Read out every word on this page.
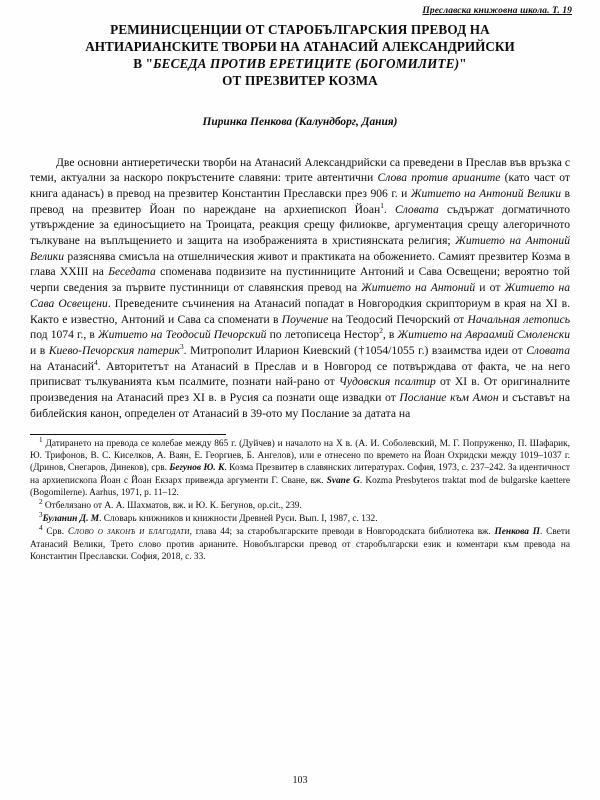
Преславска книжовна школа. Т. 19
РЕМИНИСЦЕНЦИИ ОТ СТАРОБЪЛГАРСКИЯ ПРЕВОД НА
АНТИАРИАНСКИТЕ ТВОРБИ НА АТАНАСИЙ АЛЕКСАНДРИЙСКИ
В "БЕСЕДА ПРОТИВ ЕРЕТИЦИТЕ (БОГОМИЛИТЕ)"
ОТ ПРЕЗВИТЕР КОЗМА
Пиринка Пенкова (Калундборг, Дания)

Две основни антиеретически творби на Атанасий Александрийски са преведени в Преслав във връзка с теми, актуални за наскоро покръстените славяни: трите автентични Слова против арианите (като част от книга аданасъ) в превод на презвитер Константин Преславски през 906 г. и Житието на Антоний Велики в превод на презвитер Йоан по нареждане на архиепископ Йоан$^1$. Словата съдържат догматичното утвърждение за единосъщието на Троицата, реакция срещу филиокве, аргументация срещу алегоричното тълкуване на въплъщението и защита на изображенията в християнската религия; Житието на Антоний Велики разяснява смисъла на отшелническия живот и практиката на обожението. Самият презвитер Козма в глава XXIII на Беседата споменава подвизите на пустинниците Антоний и Сава Освещени; вероятно той черпи сведения за първите пустинници от славянския превод на Житието на Антоний и от Житието на Сава Освещени. Преведените съчинения на Атанасий попадат в Новгородкия скрипториум в края на XI в. Както е известно, Антоний и Сава са споменати в Поучение на Теодосий Печорский от Начальная летопись под 1074 г., в Житието на Теодосий Печорский по летописеца Нестор$^2$, в Житието на Авраамий Смоленски и в Киево-Печорския патерик$^3$. Митрополит Иларион Киевский (†1054/1055 г.) взаимства идеи от Словата на Атанасий$^4$. Авторитетът на Атанасий в Преслав и в Новгород се потвърждава от факта, че на него приписват тълкуванията към псалмите, познати най-рано от Чудовския псалтир от XI в. От оригиналните произведения на Атанасий през XI в. в Русия са познати още извадки от Послание към Амон и съставът на библейския канон, определен от Атанасий в 39-ото му Послание за датата на

$^1$ Датирането на превода се колебае между 865 г. (Дуйчев) и началото на X в. (А. И. Соболевский, М. Г. Попруженко, П. Шафарик, Ю. Трифонов, В. С. Киселков, А. Вaян, Е. Георгиев, Б. Ангелов), или е отнесено по времето на Йоан Охридски между 1019–1037 г. (Дринов, Снегаров, Динеков), срв. Бегунов Ю. К. Козма Презвитер в славянских литературах. София, 1973, с. 237–242. За идентичност на архиепископа Йоан с Йоан Екзарх привежда аргументи Г. Сване, вж. Svane G. Kozma Presbyteros traktat mod de bulgarske kaettere (Bogomilerne). Aarhus, 1971, p. 11–12.

$^2$ Отбелязано от А. А. Шахматов, вж. и Ю. К. Бегунов, op.cit., 239.

$^3$Буланин Д. М. Словарь книжников и книжности Древней Руси. Вып. I, 1987, с. 132.

$^4$ Срв. Слово о законѣ и благодати, глава 44; за старобългарските преводи в Новгородската библиотека вж. Пенкова П. Свети Атанасий Велики, Трето слово против арианите. Новобългарски превод от старобългарски език и коментари към превода на Константин Преславски. София, 2018, с. 33.

103
